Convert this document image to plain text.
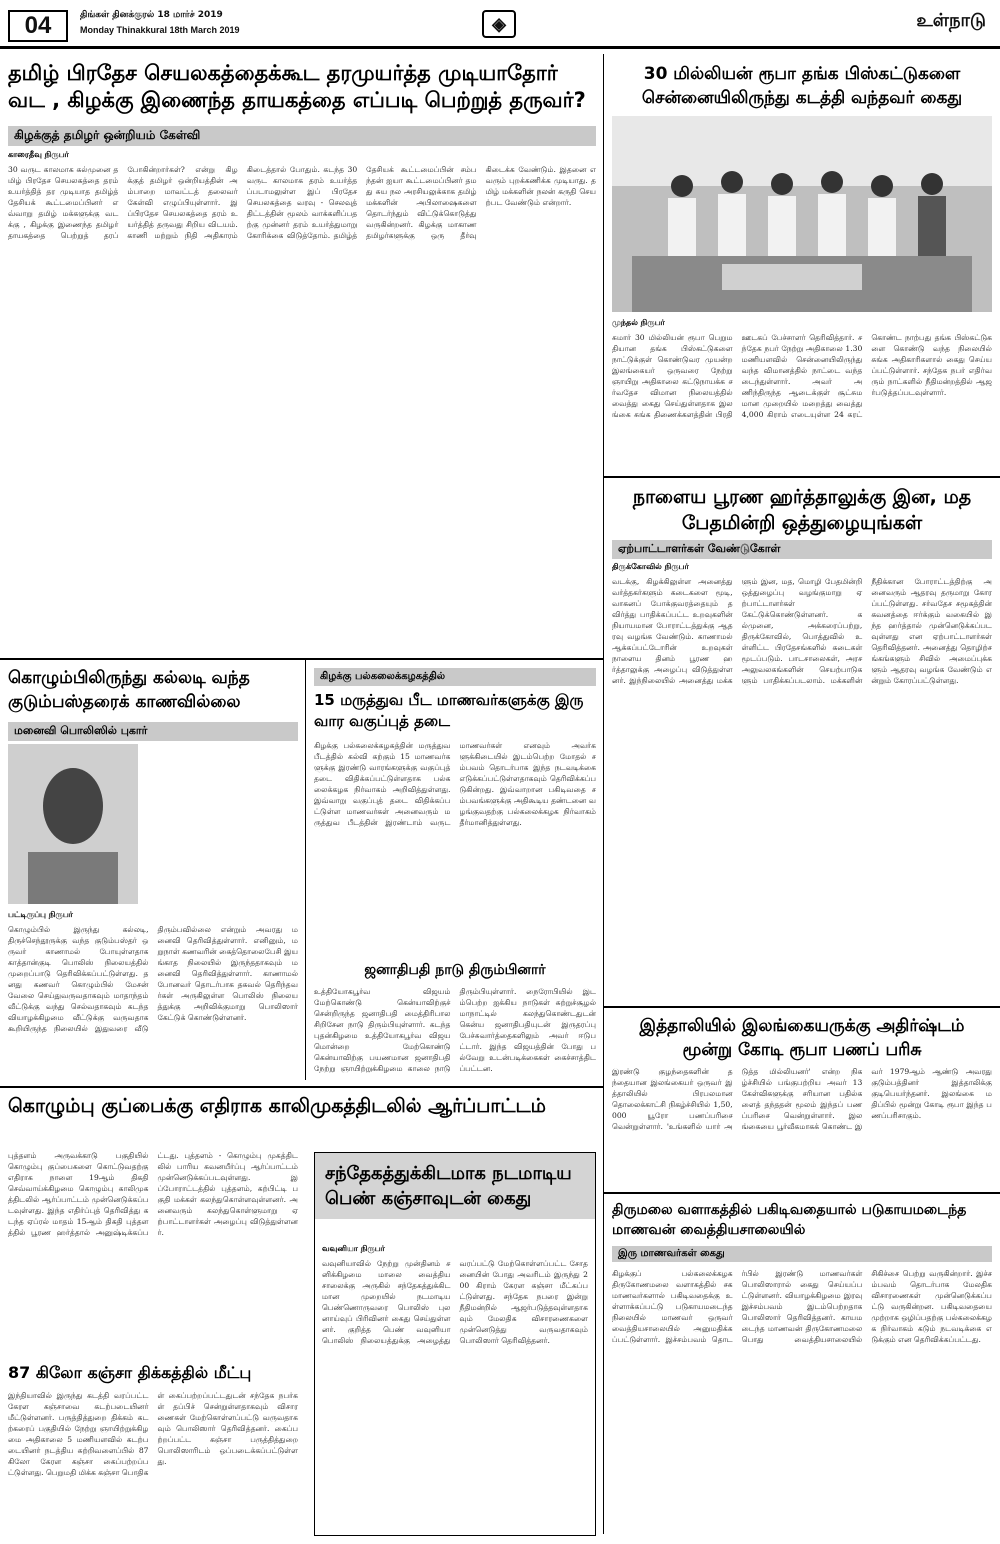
04	திங்கள் தினக்குரல் 18 மார்ச் 2019
Monday Thinakkural 18th March 2019	◈	உள்நாடு
தமிழ் பிரதேச செயலகத்தைக்கூட தரமுயர்த்த முடியாதோர் வட , கிழக்கு இணைந்த தாயகத்தை எப்படி பெற்றுத் தருவர்?
கிழக்குத் தமிழர் ஒன்றியம் கேள்வி
காரைதீவு நிருபர்
30 வருட காலமாக கல்முனை தமிழ் பிரதேச செயலகத்தை தரம் உயர்த்தித் தர முடியாத தமிழ்த் தேசியக் கூட்டமைப்பினர் எவ்வாறு தமிழ் மக்களுக்கு வடக்கு , கிழக்கு இணைந்த தமிழர் தாயகத்தை பெற்றுத் தரப் போகின்றார்கள்? என்று கிழக்குத் தமிழர் ஒன்றியத்தின் அம்பாறை மாவட்டத் தலைவர் கேள்வி எழுப்பியுள்ளார். இப்பிரதேச செயலகத்தை தரம் உயர்த்தித் தருவது சிறிய விடயம். காணி மற்றும் நிதி அதிகாரம் கிடைத்தால் போதும். கடந்த 30 வருட காலமாக தரம் உயர்த்தப்படாமலுள்ள இப் பிரதேச செயலகத்தை வரவு - செலவுத் திட்டத்தின் மூலம் வாக்களிப்பதற்கு முன்னர் தரம் உயர்த்துமாறு கோரிக்கை விடுத்தோம். தமிழ்த் தேசியக் கூட்டமைப்பின் சம்பந்தன் ஐயா கூட்டமைப்பினர் தமது சுய நல அரசியலுக்காக தமிழ் மக்களின் அபிலாஷைகளை தொடர்ந்தும் விட்டுக்கொடுத்து வருகின்றனர். கிழக்கு மாகாண தமிழர்களுக்கு ஒரு தீர்வு கிடைக்க வேண்டும். இதனை எவரும் புறக்கணிக்க முடியாது. தமிழ் மக்களின் நலன் கருதி செயற்பட வேண்டும் என்றார்.
30 மில்லியன் ரூபா தங்க பிஸ்கட்டுகளை சென்னையிலிருந்து கடத்தி வந்தவர் கைது
முந்தல் நிருபர்
சுமார் 30 மில்லியன் ரூபா பெறுமதியான தங்க பிஸ்கட்டுகளை நாட்டுக்குள் கொண்டுவர முயன்ற இலங்கையர் ஒருவரை நேற்று ஞாயிறு அதிகாலை கட்டுநாயக்க சர்வதேச விமான நிலையத்தில் வைத்து கைது செய்துள்ளதாக இலங்கை சுங்க திணைக்களத்தின் பிரதி ஊடகப் பேச்சாளர் தெரிவித்தார். சந்தேக நபர் நேற்று அதிகாலை 1.30 மணியளவில் சென்னையிலிருந்து வந்த விமானத்தில் நாட்டை வந்தடைந்துள்ளார். அவர் அணிந்திருந்த ஆடைக்குள் சூட்சுமமான முறையில் மறைத்து வைத்து 4,000 கிராம் எடையுள்ள 24 கரட் கொண்ட நாற்பது தங்க பிஸ்கட்டுகளை கொண்டு வந்த நிலையில் சுங்க அதிகாரிகளால் கைது செய்யப்பட்டுள்ளார். சந்தேக நபர் எதிர்வரும் நாட்களில் நீதிமன்றத்தில் ஆஜர்படுத்தப்படவுள்ளார்.
நாளைய பூரண ஹர்த்தாலுக்கு இன, மத பேதமின்றி ஒத்துழையுங்கள்
ஏற்பாட்டாளர்கள் வேண்டுகோள்
திருக்கோவில் நிருபர்
வடக்கு, கிழக்கிலுள்ள அனைத்து வர்த்தகர்களும் கடைகளை மூடி, வாகனப் போக்குவரத்தையும் தவிர்த்து பாதிக்கப்பட்ட உறவுகளின் நியாயமான போராட்டத்துக்கு ஆதரவு வழங்க வேண்டும். காணாமல் ஆக்கப்பட்டோரின் உறவுகள் நாளைய தினம் பூரண ஹர்த்தாலுக்கு அழைப்பு விடுத்துள்ளனர். இந்நிலையில் அனைத்து மக்களும் இன, மத, மொழி பேதமின்றி ஒத்துழைப்பு வழங்குமாறு ஏற்பாட்டாளர்கள் கேட்டுக்கொண்டுள்ளனர். கல்முனை, அக்கரைப்பற்று, திருக்கோவில், பொத்துவில் உள்ளிட்ட பிரதேசங்களில் கடைகள் மூடப்படும். பாடசாலைகள், அரச அலுவலகங்களின் செயற்பாடுகளும் பாதிக்கப்படலாம். மக்களின் நீதிக்கான போராட்டத்திற்கு அனைவரும் ஆதரவு தருமாறு கோரப்பட்டுள்ளது. சர்வதேச சமூகத்தின் கவனத்தை ஈர்க்கும் வகையில் இந்த ஹர்த்தால் முன்னெடுக்கப்படவுள்ளது என ஏற்பாட்டாளர்கள் தெரிவித்தனர். அனைத்து தொழிற்சங்கங்களும் சிவில் அமைப்புக்களும் ஆதரவு வழங்க வேண்டும் என்றும் கோரப்பட்டுள்ளது.
கொழும்பிலிருந்து கல்லடி வந்த குடும்பஸ்தரைக் காணவில்லை
மனைவி பொலிஸில் புகார்
பட்டிருப்பு நிருபர்
கொழும்பில் இருந்து கல்லடி, திருச்செந்தூருக்கு வந்த குடும்பஸ்தர் ஒருவர் காணாமல் போயுள்ளதாக காத்தான்குடி பொலிஸ் நிலையத்தில் முறைப்பாடு தெரிவிக்கப்பட்டுள்ளது. தனது கணவர் கொழும்பில் மேசன் வேலை செய்துவருவதாகவும் மாதாந்தம் வீட்டுக்கு வந்து செல்வதாகவும் கடந்த வியாழக்கிழமை வீட்டுக்கு வருவதாக கூறியிருந்த நிலையில் இதுவரை வீடு திரும்பவில்லை என்றும் அவரது மனைவி தெரிவித்துள்ளார். எனினும், மறுநாள் கணவரின் கைத்தொலைபேசி இயங்காத நிலையில் இருந்ததாகவும் மனைவி தெரிவித்துள்ளார். காணாமல் போனவர் தொடர்பாக தகவல் தெரிந்தவர்கள் அருகிலுள்ள பொலிஸ் நிலையத்துக்கு அறிவிக்குமாறு பொலிஸார் கேட்டுக் கொண்டுள்ளனர்.
கிழக்கு பல்கலைக்கழகத்தில்
15 மருத்துவ பீட மாணவர்களுக்கு இரு வார வகுப்புத் தடை
கிழக்கு பல்கலைக்கழகத்தின் மருத்துவ பீடத்தில் கல்வி கற்கும் 15 மாணவர்களுக்கு இரண்டு வாரங்களுக்கு வகுப்புத் தடை விதிக்கப்பட்டுள்ளதாக பல்கலைக்கழக நிர்வாகம் அறிவித்துள்ளது. இவ்வாறு வகுப்புத் தடை விதிக்கப்பட்டுள்ள மாணவர்கள் அனைவரும் மருத்துவ பீடத்தின் இரண்டாம் வருட மாணவர்கள் எனவும் அவர்களுக்கிடையில் இடம்பெற்ற மோதல் சம்பவம் தொடர்பாக இந்த நடவடிக்கை எடுக்கப்பட்டுள்ளதாகவும் தெரிவிக்கப்படுகின்றது. இவ்வாறான பகிடிவதை சம்பவங்களுக்கு அதிகூடிய தண்டனை வழங்குவதற்கு பல்கலைக்கழக நிர்வாகம் தீர்மானித்துள்ளது.
ஜனாதிபதி நாடு திரும்பினார்
உத்தியோகபூர்வ விஜயம் மேற்கொண்டு கென்யாவிற்குச் சென்றிருந்த ஜனாதிபதி மைத்திரிபால சிறிசேன நாடு திரும்பியுள்ளார். கடந்த புதன்கிழமை உத்தியோகபூர்வ விஜயமொன்றை மேற்கொண்டு கென்யாவிற்கு பயணமான ஜனாதிபதி நேற்று ஞாயிற்றுக்கிழமை காலை நாடு திரும்பியுள்ளார். நைரோபியில் இடம்பெற்ற ஐக்கிய நாடுகள் சுற்றுச்சூழல் மாநாட்டில் கலந்துகொண்டதுடன் கென்ய ஜனாதிபதியுடன் இருதரப்பு பேச்சுவார்த்தைகளிலும் அவர் ஈடுபட்டார். இந்த விஜயத்தின் போது பல்வேறு உடன்படிக்கைகள் கைச்சாத்திடப்பட்டன.
கொழும்பு குப்பைக்கு எதிராக காலிமுகத்திடலில் ஆர்ப்பாட்டம்
புத்தளம் அருவக்காடு பகுதியில் கொழும்பு குப்பைகளை கொட்டுவதற்கு எதிராக நாளை 19ஆம் திகதி செவ்வாய்க்கிழமை கொழும்பு காலிமுகத்திடலில் ஆர்ப்பாட்டம் முன்னெடுக்கப்படவுள்ளது. இந்த எதிர்ப்புத் தெரிவித்து கடந்த ஏப்ரல் மாதம் 15ஆம் திகதி புத்தளத்தில் பூரண ஹர்த்தால் அனுஷ்டிக்கப்பட்டது. புத்தளம் - கொழும்பு முகத்திடலில் பாரிய கவனயீர்ப்பு ஆர்ப்பாட்டம் முன்னெடுக்கப்படவுள்ளது. இப்போராட்டத்தில் புத்தளம், கற்பிட்டி பகுதி மக்கள் கலந்துகொள்ளவுள்ளனர். அனைவரும் கலந்துகொள்ளுமாறு ஏற்பாட்டாளர்கள் அழைப்பு விடுத்துள்ளனர்.
87 கிலோ கஞ்சா திக்கத்தில் மீட்பு
இந்தியாவில் இருந்து கடத்தி வரப்பட்ட கேரள கஞ்சாவை கடற்படையினர் மீட்டுள்ளனர். பருத்தித்துறை திக்கம் கடற்கரைப் பகுதியில் நேற்று ஞாயிற்றுக்கிழமை அதிகாலை 5 மணியளவில் கடற்படையினர் நடத்திய சுற்றிவளைப்பில் 87 கிலோ கேரள கஞ்சா கைப்பற்றப்பட்டுள்ளது. பெறுமதி மிக்க கஞ்சா பொதிகள் கைப்பற்றப்பட்டதுடன் சந்தேக நபர்கள் தப்பிச் சென்றுள்ளதாகவும் விசாரணைகள் மேற்கொள்ளப்பட்டு வருவதாகவும் பொலிஸார் தெரிவித்தனர். கைப்பற்றப்பட்ட கஞ்சா பருத்தித்துறை பொலிஸாரிடம் ஒப்படைக்கப்பட்டுள்ளது.
சந்தேகத்துக்கிடமாக நடமாடிய பெண் கஞ்சாவுடன் கைது
வவுனியா நிருபர்
வவுனியாவில் நேற்று முன்தினம் சனிக்கிழமை மாலை வைத்தியசாலைக்கு அருகில் சந்தேகத்துக்கிடமான முறையில் நடமாடிய பெண்ணொருவரை பொலிஸ் புலனாய்வுப் பிரிவினர் கைது செய்துள்ளனர். குறித்த பெண் வவுனியா பொலிஸ் நிலையத்துக்கு அழைத்து வரப்பட்டு மேற்கொள்ளப்பட்ட சோதனையின் போது அவரிடம் இருந்து 200 கிராம் கேரள கஞ்சா மீட்கப்பட்டுள்ளது. சந்தேக நபரை இன்று நீதிமன்றில் ஆஜர்படுத்தவுள்ளதாகவும் மேலதிக விசாரணைகளை முன்னெடுத்து வருவதாகவும் பொலிஸார் தெரிவித்தனர்.
இத்தாலியில் இலங்கையருக்கு அதிர்ஷ்டம் மூன்று கோடி ரூபா பணப் பரிசு
இரண்டு குழந்தைகளின் தந்தையான இலங்கையர் ஒருவர் இத்தாலியில் பிரபலமான தொலைக்காட்சி நிகழ்ச்சியில் 1,50,000 யூரோ பணப்பரிசை வென்றுள்ளார். 'உங்களில் யார் அடுத்த மில்லியனர்' என்ற நிகழ்ச்சியில் பங்குபற்றிய அவர் 13 கேள்விகளுக்கு சரியான பதில்களைத் தந்ததன் மூலம் இந்தப் பணப்பரிசை வென்றுள்ளார். இலங்கையை பூர்வீகமாகக் கொண்ட இவர் 1979ஆம் ஆண்டு அவரது குடும்பத்தினர் இத்தாலிக்கு குடிபெயர்ந்தனர். இலங்கை மதிப்பில் மூன்று கோடி ரூபா இந்த பணப்பரிசாகும்.
திருமலை வளாகத்தில் பகிடிவதையால் படுகாயமடைந்த மாணவன் வைத்தியசாலையில்
இரு மாணவர்கள் கைது
கிழக்குப் பல்கலைக்கழக திருகோணமலை வளாகத்தில் சக மாணவர்களால் பகிடிவதைக்கு உள்ளாக்கப்பட்டு படுகாயமடைந்த நிலையில் மாணவர் ஒருவர் வைத்தியசாலையில் அனுமதிக்கப்பட்டுள்ளார். இச்சம்பவம் தொடர்பில் இரண்டு மாணவர்கள் பொலிஸாரால் கைது செய்யப்பட்டுள்ளனர். வியாழக்கிழமை இரவு இச்சம்பவம் இடம்பெற்றதாக பொலிஸார் தெரிவித்தனர். காயமடைந்த மாணவன் திருகோணமலை பொது வைத்தியசாலையில் சிகிச்சை பெற்று வருகின்றார். இச்சம்பவம் தொடர்பாக மேலதிக விசாரணைகள் முன்னெடுக்கப்பட்டு வருகின்றன. பகிடிவதையை முற்றாக ஒழிப்பதற்கு பல்கலைக்கழக நிர்வாகம் கடும் நடவடிக்கை எடுக்கும் என தெரிவிக்கப்பட்டது.
